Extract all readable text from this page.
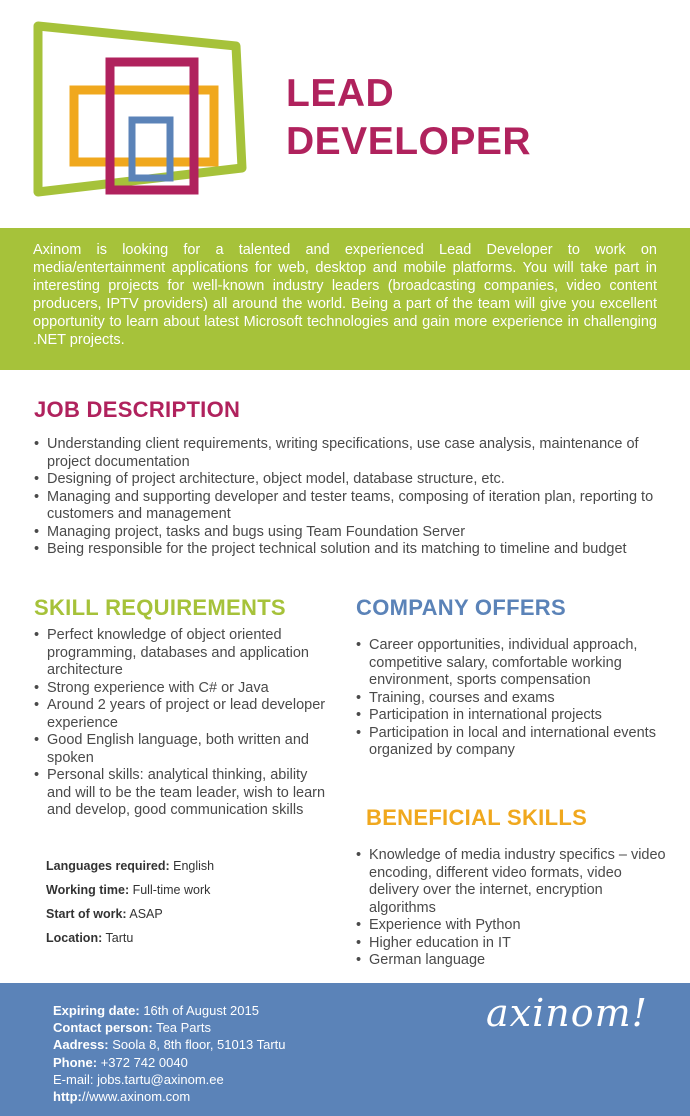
LEAD
DEVELOPER

Axinom is looking for a talented and experienced Lead Developer to work on media/entertainment applications for web, desktop and mobile platforms. You will take part in interesting projects for well-known industry leaders (broadcasting companies, video content producers, IPTV providers) all around the world. Being a part of the team will give you excellent opportunity to learn about latest Microsoft technologies and gain more experience in challenging .NET projects.

JOB DESCRIPTION
• Understanding client requirements, writing specifications, use case analysis, maintenance of project documentation
• Designing of project architecture, object model, database structure, etc.
• Managing and supporting developer and tester teams, composing of iteration plan, reporting to customers and management
• Managing project, tasks and bugs using Team Foundation Server
• Being responsible for the project technical solution and its matching to timeline and budget
SKILL REQUIREMENTS
• Perfect knowledge of object oriented programming, databases and application architecture
• Strong experience with C# or Java
• Around 2 years of project or lead developer experience
• Good English language, both written and spoken
• Personal skills: analytical thinking, ability and will to be the team leader, wish to learn and develop, good communication skills
COMPANY OFFERS
• Career opportunities, individual approach, competitive salary, comfortable working environment, sports compensation
• Training, courses and exams
• Participation in international projects
• Participation in local and international events organized by company
BENEFICIAL SKILLS
• Knowledge of media industry specifics – video encoding, different video formats, video delivery over the internet, encryption algorithms
• Experience with Python
• Higher education in IT
• German language
Languages required: English
Working time: Full-time work
Start of work: ASAP
Location: Tartu
Expiring date: 16th of August 2015
Contact person: Tea Parts
Aadress: Soola 8, 8th floor, 51013 Tartu
Phone: +372 742 0040
E-mail: jobs.tartu@axinom.ee
http://www.axinom.com
axinom!
